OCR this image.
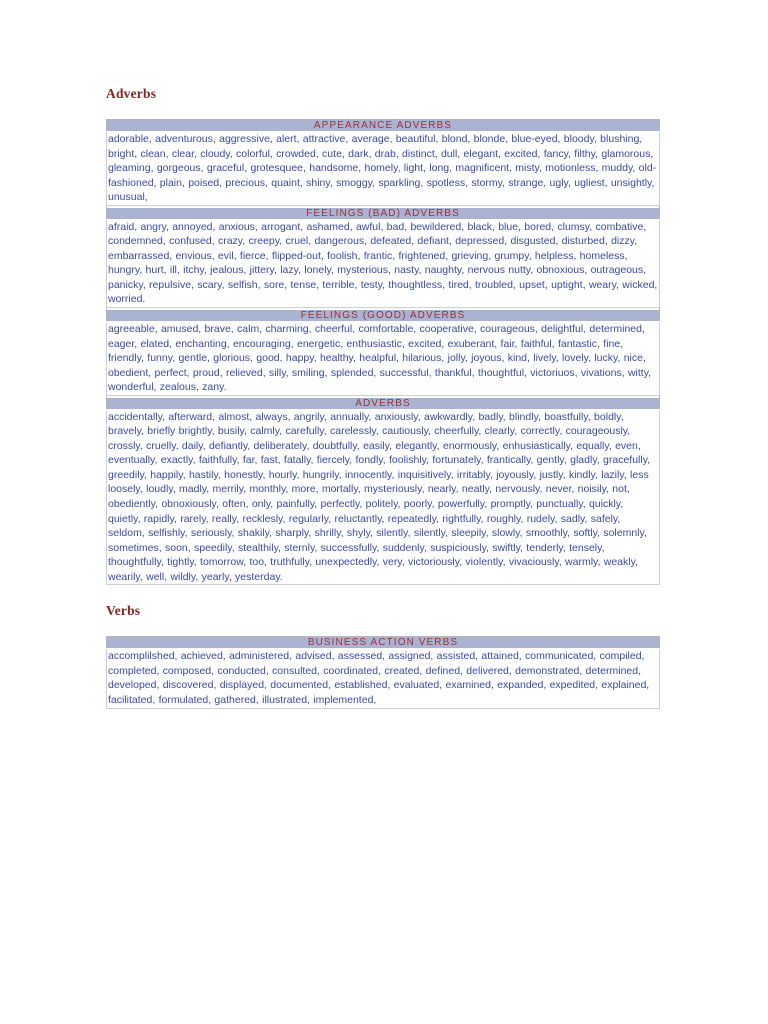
Adverbs
APPEARANCE ADVERBS

adorable, adventurous, aggressive, alert, attractive, average, beautiful, blond, blonde, blue-eyed, bloody, blushing, bright, clean, clear, cloudy, colorful, crowded, cute, dark, drab, distinct, dull, elegant, excited, fancy, filthy, glamorous, gleaming, gorgeous, graceful, grotesquee, handsome, homely, light, long, magnificent, misty, motionless, muddy, old-fashioned, plain, poised, precious, quaint, shiny, smoggy, sparkling, spotless, stormy, strange, ugly, ugliest, unsightly, unusual,

FEELINGS (BAD) ADVERBS

afraid, angry, annoyed, anxious, arrogant, ashamed, awful, bad, bewildered, black, blue, bored, clumsy, combative, condemned, confused, crazy, creepy, cruel, dangerous, defeated, defiant, depressed, disgusted, disturbed, dizzy, embarrassed, envious, evil, fierce, flipped-out, foolish, frantic, frightened, grieving, grumpy, helpless, homeless, hungry, hurt, ill, itchy, jealous, jittery, lazy, lonely, mysterious, nasty, naughty, nervous nutty, obnoxious, outrageous, panicky, repulsive, scary, selfish, sore, tense, terrible, testy, thoughtless, tired, troubled, upset, uptight, weary, wicked, worried.

FEELINGS (GOOD) ADVERBS

agreeable, amused, brave, calm, charming, cheerful, comfortable, cooperative, courageous, delightful, determined, eager, elated, enchanting, encouraging, energetic, enthusiastic, excited, exuberant, fair, faithful, fantastic, fine, friendly, funny, gentle, glorious, good, happy, healthy, healpful, hilarious, jolly, joyous, kind, lively, lovely, lucky, nice, obedient, perfect, proud, relieved, silly, smiling, splended, successful, thankful, thoughtful, victoriuos, vivations, witty, wonderful, zealous, zany.

ADVERBS

accidentally, afterward, almost, always, angrily, annually, anxiously, awkwardly, badly, blindly, boastfully, boldly, bravely, briefly brightly, busily, calmly, carefully, carelessly, cautiously, cheerfully, clearly, correctly, courageously, crossly, cruelly, daily, defiantly, deliberately, doubtfully, easily, elegantly, enormously, enhusiastically, equally, even, eventually, exactly, faithfully, far, fast, fatally, fiercely, fondly, foolishly, fortunately, frantically, gently, gladly, gracefully, greedily, happily, hastily, honestly, hourly, hungrily, innocently, inquisitively, irritably, joyously, justly, kindly, lazily, less loosely, loudly, madly, merrily, monthly, more, mortally, mysteriously, nearly, neatly, nervously, never, noisily, not, obediently, obnoxiously, often, only, painfully, perfectly, politely, poorly, powerfully, promptly, punctually, quickly, quietly, rapidly, rarely, really, recklesly, regularly, reluctantly, repeatedly, rightfully, roughly, rudely, sadly, safely, seldom, selfishly, seriously, shakily, sharply, shrilly, shyly, silently, silently, sleepily, slowly, smoothly, softly, solemnly, sometimes, soon, speedily, stealthily, sternly, successfully, suddenly, suspiciously, swiftly, tenderly, tensely, thoughtfully, tightly, tomorrow, too, truthfully, unexpectedly, very, victoriously, violently, vivaciously, warmly, weakly, wearily, well, wildly, yearly, yesterday.
Verbs
BUSINESS ACTION VERBS

accomplilshed, achieved, administered, advised, assessed, assigned, assisted, attained, communicated, compiled, completed, composed, conducted, consulted, coordinated, created, defined, delivered, demonstrated, determined, developed, discovered, displayed, documented, established, evaluated, examined, expanded, expedited, explained, facilitated, formulated, gathered, illustrated, implemented,
